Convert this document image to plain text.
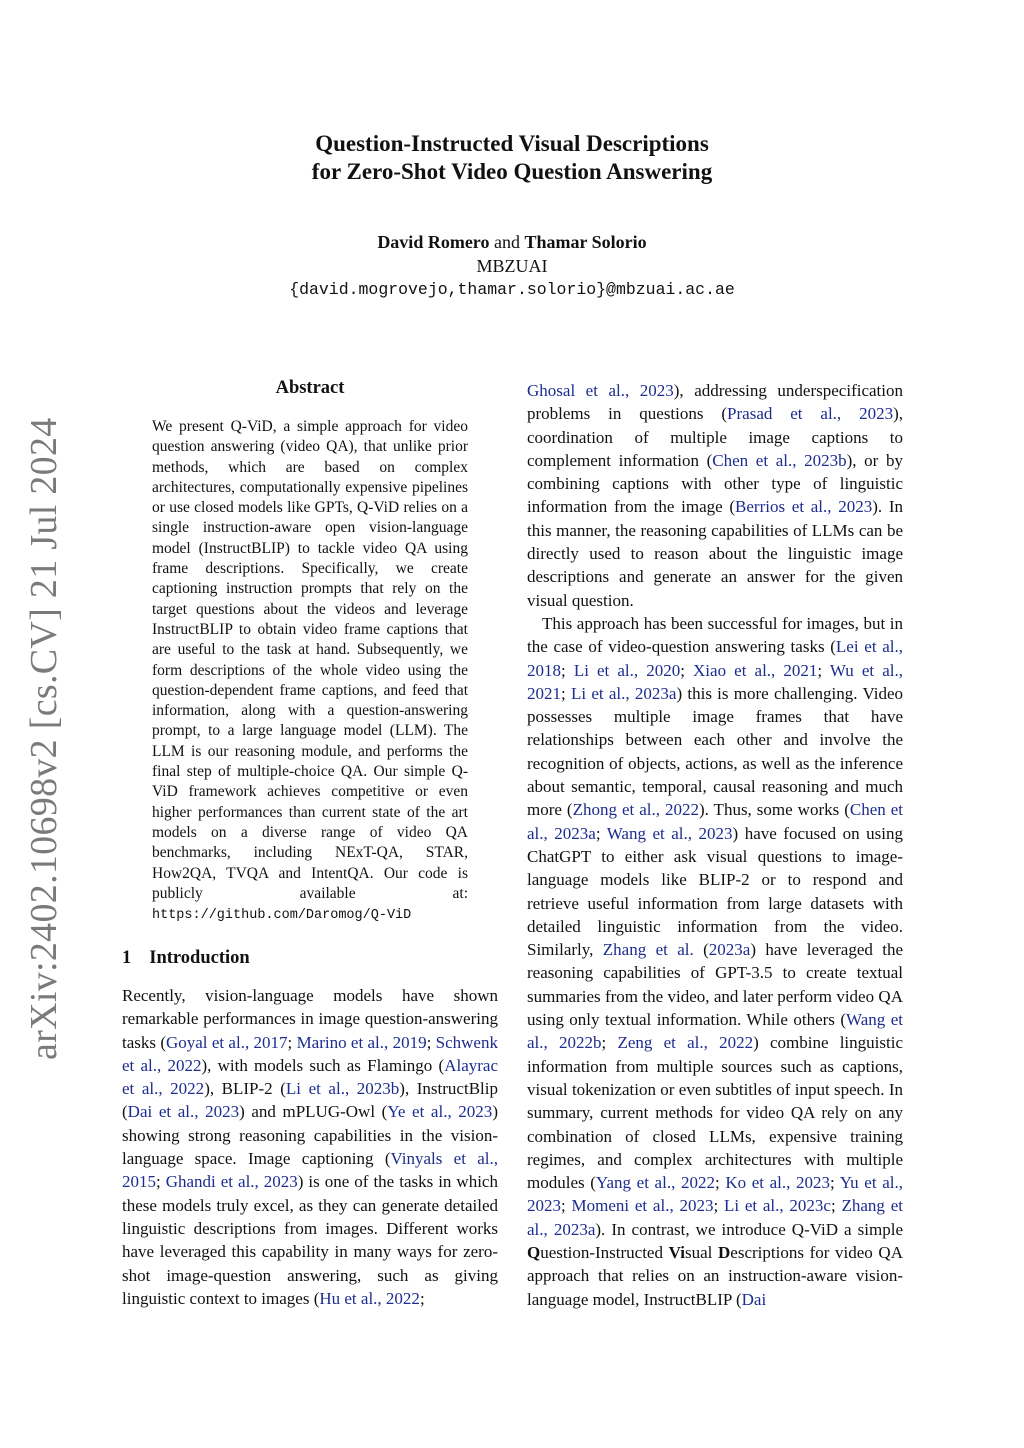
arXiv:2402.10698v2 [cs.CV] 21 Jul 2024
Question-Instructed Visual Descriptions
for Zero-Shot Video Question Answering
David Romero and Thamar Solorio
MBZUAI
{david.mogrovejo,thamar.solorio}@mbzuai.ac.ae
Abstract
We present Q-ViD, a simple approach for video question answering (video QA), that unlike prior methods, which are based on complex architectures, computationally expensive pipelines or use closed models like GPTs, Q-ViD relies on a single instruction-aware open vision-language model (InstructBLIP) to tackle video QA using frame descriptions. Specifically, we create captioning instruction prompts that rely on the target questions about the videos and leverage InstructBLIP to obtain video frame captions that are useful to the task at hand. Subsequently, we form descriptions of the whole video using the question-dependent frame captions, and feed that information, along with a question-answering prompt, to a large language model (LLM). The LLM is our reasoning module, and performs the final step of multiple-choice QA. Our simple Q-ViD framework achieves competitive or even higher performances than current state of the art models on a diverse range of video QA benchmarks, including NExT-QA, STAR, How2QA, TVQA and IntentQA. Our code is publicly available at: https://github.com/Daromog/Q-ViD
1 Introduction
Recently, vision-language models have shown remarkable performances in image question-answering tasks (Goyal et al., 2017; Marino et al., 2019; Schwenk et al., 2022), with models such as Flamingo (Alayrac et al., 2022), BLIP-2 (Li et al., 2023b), InstructBlip (Dai et al., 2023) and mPLUG-Owl (Ye et al., 2023) showing strong reasoning capabilities in the vision-language space. Image captioning (Vinyals et al., 2015; Ghandi et al., 2023) is one of the tasks in which these models truly excel, as they can generate detailed linguistic descriptions from images. Different works have leveraged this capability in many ways for zero-shot image-question answering, such as giving linguistic context to images (Hu et al., 2022;

Ghosal et al., 2023), addressing underspecification problems in questions (Prasad et al., 2023), coordination of multiple image captions to complement information (Chen et al., 2023b), or by combining captions with other type of linguistic information from the image (Berrios et al., 2023). In this manner, the reasoning capabilities of LLMs can be directly used to reason about the linguistic image descriptions and generate an answer for the given visual question.

This approach has been successful for images, but in the case of video-question answering tasks (Lei et al., 2018; Li et al., 2020; Xiao et al., 2021; Wu et al., 2021; Li et al., 2023a) this is more challenging. Video possesses multiple image frames that have relationships between each other and involve the recognition of objects, actions, as well as the inference about semantic, temporal, causal reasoning and much more (Zhong et al., 2022). Thus, some works (Chen et al., 2023a; Wang et al., 2023) have focused on using ChatGPT to either ask visual questions to image-language models like BLIP-2 or to respond and retrieve useful information from large datasets with detailed linguistic information from the video. Similarly, Zhang et al. (2023a) have leveraged the reasoning capabilities of GPT-3.5 to create textual summaries from the video, and later perform video QA using only textual information. While others (Wang et al., 2022b; Zeng et al., 2022) combine linguistic information from multiple sources such as captions, visual tokenization or even subtitles of input speech. In summary, current methods for video QA rely on any combination of closed LLMs, expensive training regimes, and complex architectures with multiple modules (Yang et al., 2022; Ko et al., 2023; Yu et al., 2023; Momeni et al., 2023; Li et al., 2023c; Zhang et al., 2023a). In contrast, we introduce Q-ViD a simple Question-Instructed Visual Descriptions for video QA approach that relies on an instruction-aware vision-language model, InstructBLIP (Dai
